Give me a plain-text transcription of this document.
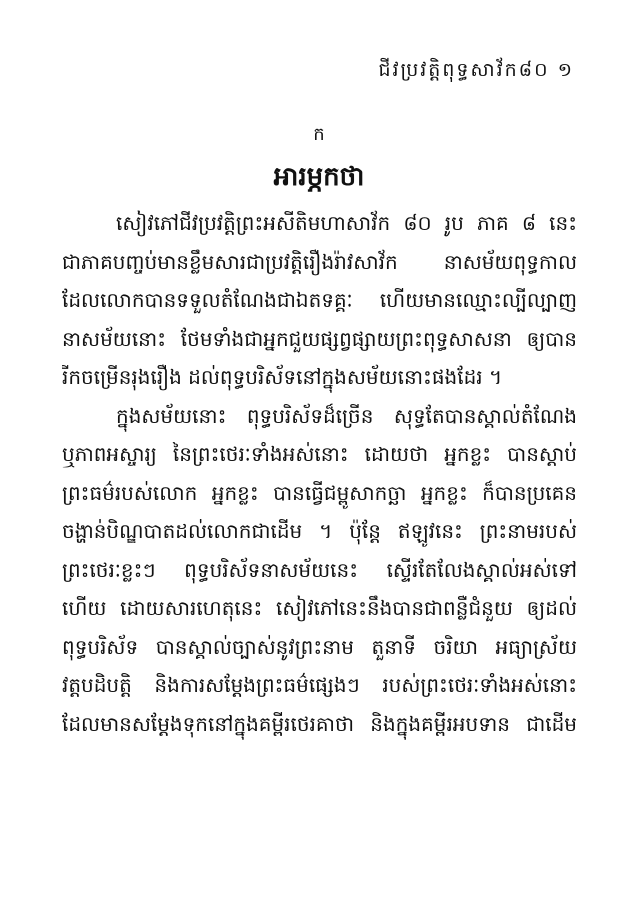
ជីវប្រវត្តិពុទ្ធសាវ័ក៨០ ១
ក
អារម្ភកថា
សៀវភៅជីវប្រវត្តិព្រះអសីតិមហាសាវ័ក ៨០ រូប ភាគ ៨ នេះ
ជាភាគបញ្ចប់មានខ្លឹមសារជាប្រវត្តិរឿងរ៉ាវសាវ័ក នាសម័យពុទ្ធកាល
ដែលលោកបានទទួលតំណែងជាឯតទគ្គៈ ហើយមានឈ្មោះល្បីល្បាញ
នាសម័យនោះ ថែមទាំងជាអ្នកជួយផ្សព្វផ្សាយព្រះពុទ្ធសាសនា ឲ្យបាន
រីកចម្រើនរុងរឿង ដល់ពុទ្ធបរិស័ទនៅក្នុងសម័យនោះផងដែរ ។
ក្នុងសម័យនោះ ពុទ្ធបរិស័ទដ៏ច្រើន សុទ្ធតែបានស្គាល់តំណែង
ឬភាពអស្ចារ្យ នៃព្រះថេរៈទាំងអស់នោះ ដោយថា អ្នកខ្លះ បានស្តាប់
ព្រះធម៌របស់លោក អ្នកខ្លះ បានធ្វើជម្ពូសាកច្ឆា អ្នកខ្លះ ក៏បានប្រគេន
ចង្ហាន់បិណ្ឌបាតដល់លោកជាដើម ។ ប៉ុន្តែ ឥឡូវនេះ ព្រះនាមរបស់
ព្រះថេរៈខ្លះៗ ពុទ្ធបរិស័ទនាសម័យនេះ ស្ទើរតែលែងស្គាល់អស់ទៅ
ហើយ ដោយសារហេតុនេះ សៀវភៅនេះនឹងបានជាពន្លឺជំនួយ ឲ្យដល់
ពុទ្ធបរិស័ទ បានស្គាល់ច្បាស់នូវព្រះនាម តួនាទី ចរិយា អធ្យាស្រ័យ
វត្តបដិបត្តិ និងការសម្តែងព្រះធម៌ផ្សេងៗ របស់ព្រះថេរៈទាំងអស់នោះ
ដែលមានសម្តែងទុកនៅក្នុងគម្ពីរថេរគាថា និងក្នុងគម្ពីរអបទាន ជាដើម
